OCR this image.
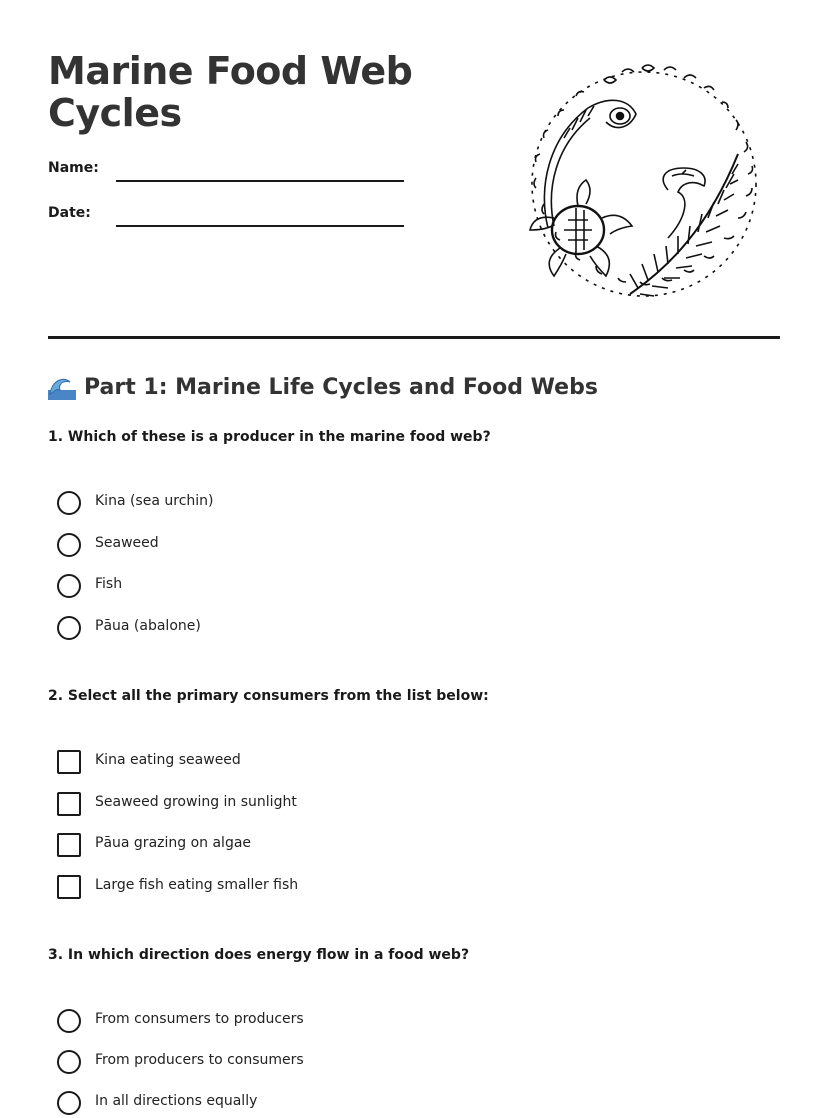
Marine Food Web
Cycles
Name:
Date:
Part 1: Marine Life Cycles and Food Webs

1. Which of these is a producer in the marine food web?

Kina (sea urchin)
Seaweed
Fish
Pāua (abalone)

2. Select all the primary consumers from the list below:

Kina eating seaweed
Seaweed growing in sunlight
Pāua grazing on algae
Large fish eating smaller fish

3. In which direction does energy flow in a food web?

From consumers to producers
From producers to consumers
In all directions equally
